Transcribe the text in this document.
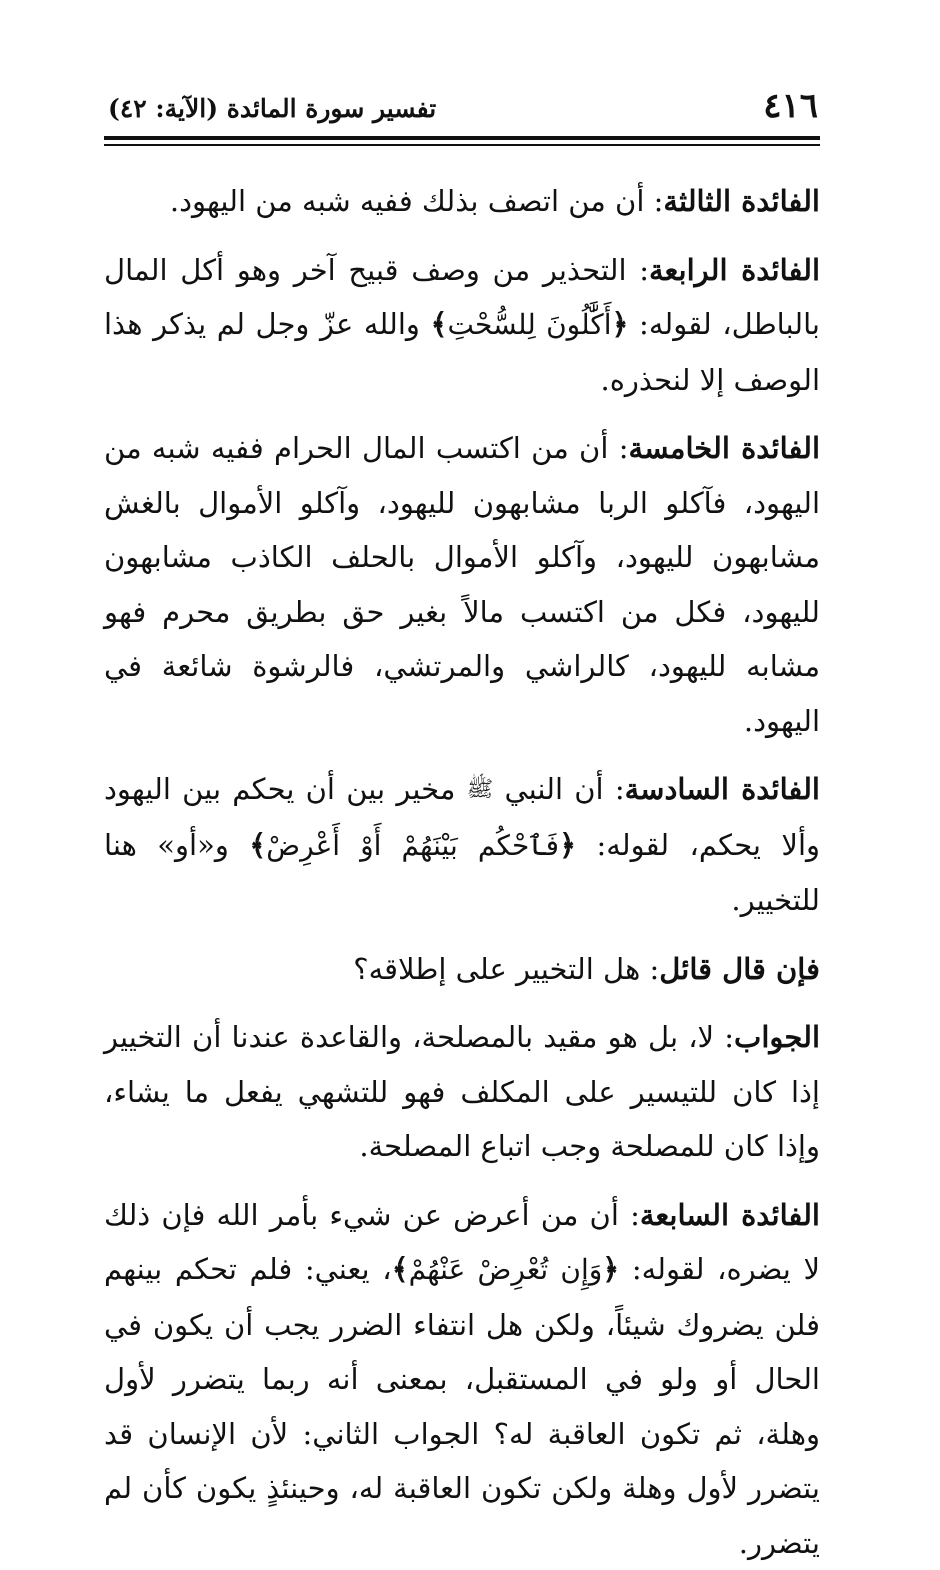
٤١٦
تفسير سورة المائدة (الآية: ٤٢)

الفائدة الثالثة: أن من اتصف بذلك ففيه شبه من اليهود.

الفائدة الرابعة: التحذير من وصف قبيح آخر وهو أكل المال بالباطل، لقوله: ﴿أَكَّٰلُونَ لِلسُّحْتِ﴾ والله عزّ وجل لم يذكر هذا الوصف إلا لنحذره.

الفائدة الخامسة: أن من اكتسب المال الحرام ففيه شبه من اليهود، فآكلو الربا مشابهون لليهود، وآكلو الأموال بالغش مشابهون لليهود، وآكلو الأموال بالحلف الكاذب مشابهون لليهود، فكل من اكتسب مالاً بغير حق بطريق محرم فهو مشابه لليهود، كالراشي والمرتشي، فالرشوة شائعة في اليهود.

الفائدة السادسة: أن النبي ﷺ مخير بين أن يحكم بين اليهود وألا يحكم، لقوله: ﴿فَٱحْكُم بَيْنَهُمْ أَوْ أَعْرِضْ﴾ و«أو» هنا للتخيير.

فإن قال قائل: هل التخيير على إطلاقه؟

الجواب: لا، بل هو مقيد بالمصلحة، والقاعدة عندنا أن التخيير إذا كان للتيسير على المكلف فهو للتشهي يفعل ما يشاء، وإذا كان للمصلحة وجب اتباع المصلحة.

الفائدة السابعة: أن من أعرض عن شيء بأمر الله فإن ذلك لا يضره، لقوله: ﴿وَإِن تُعْرِضْ عَنْهُمْ﴾، يعني: فلم تحكم بينهم فلن يضروك شيئاً، ولكن هل انتفاء الضرر يجب أن يكون في الحال أو ولو في المستقبل، بمعنى أنه ربما يتضرر لأول وهلة، ثم تكون العاقبة له؟ الجواب الثاني: لأن الإنسان قد يتضرر لأول وهلة ولكن تكون العاقبة له، وحينئذٍ يكون كأن لم يتضرر.
